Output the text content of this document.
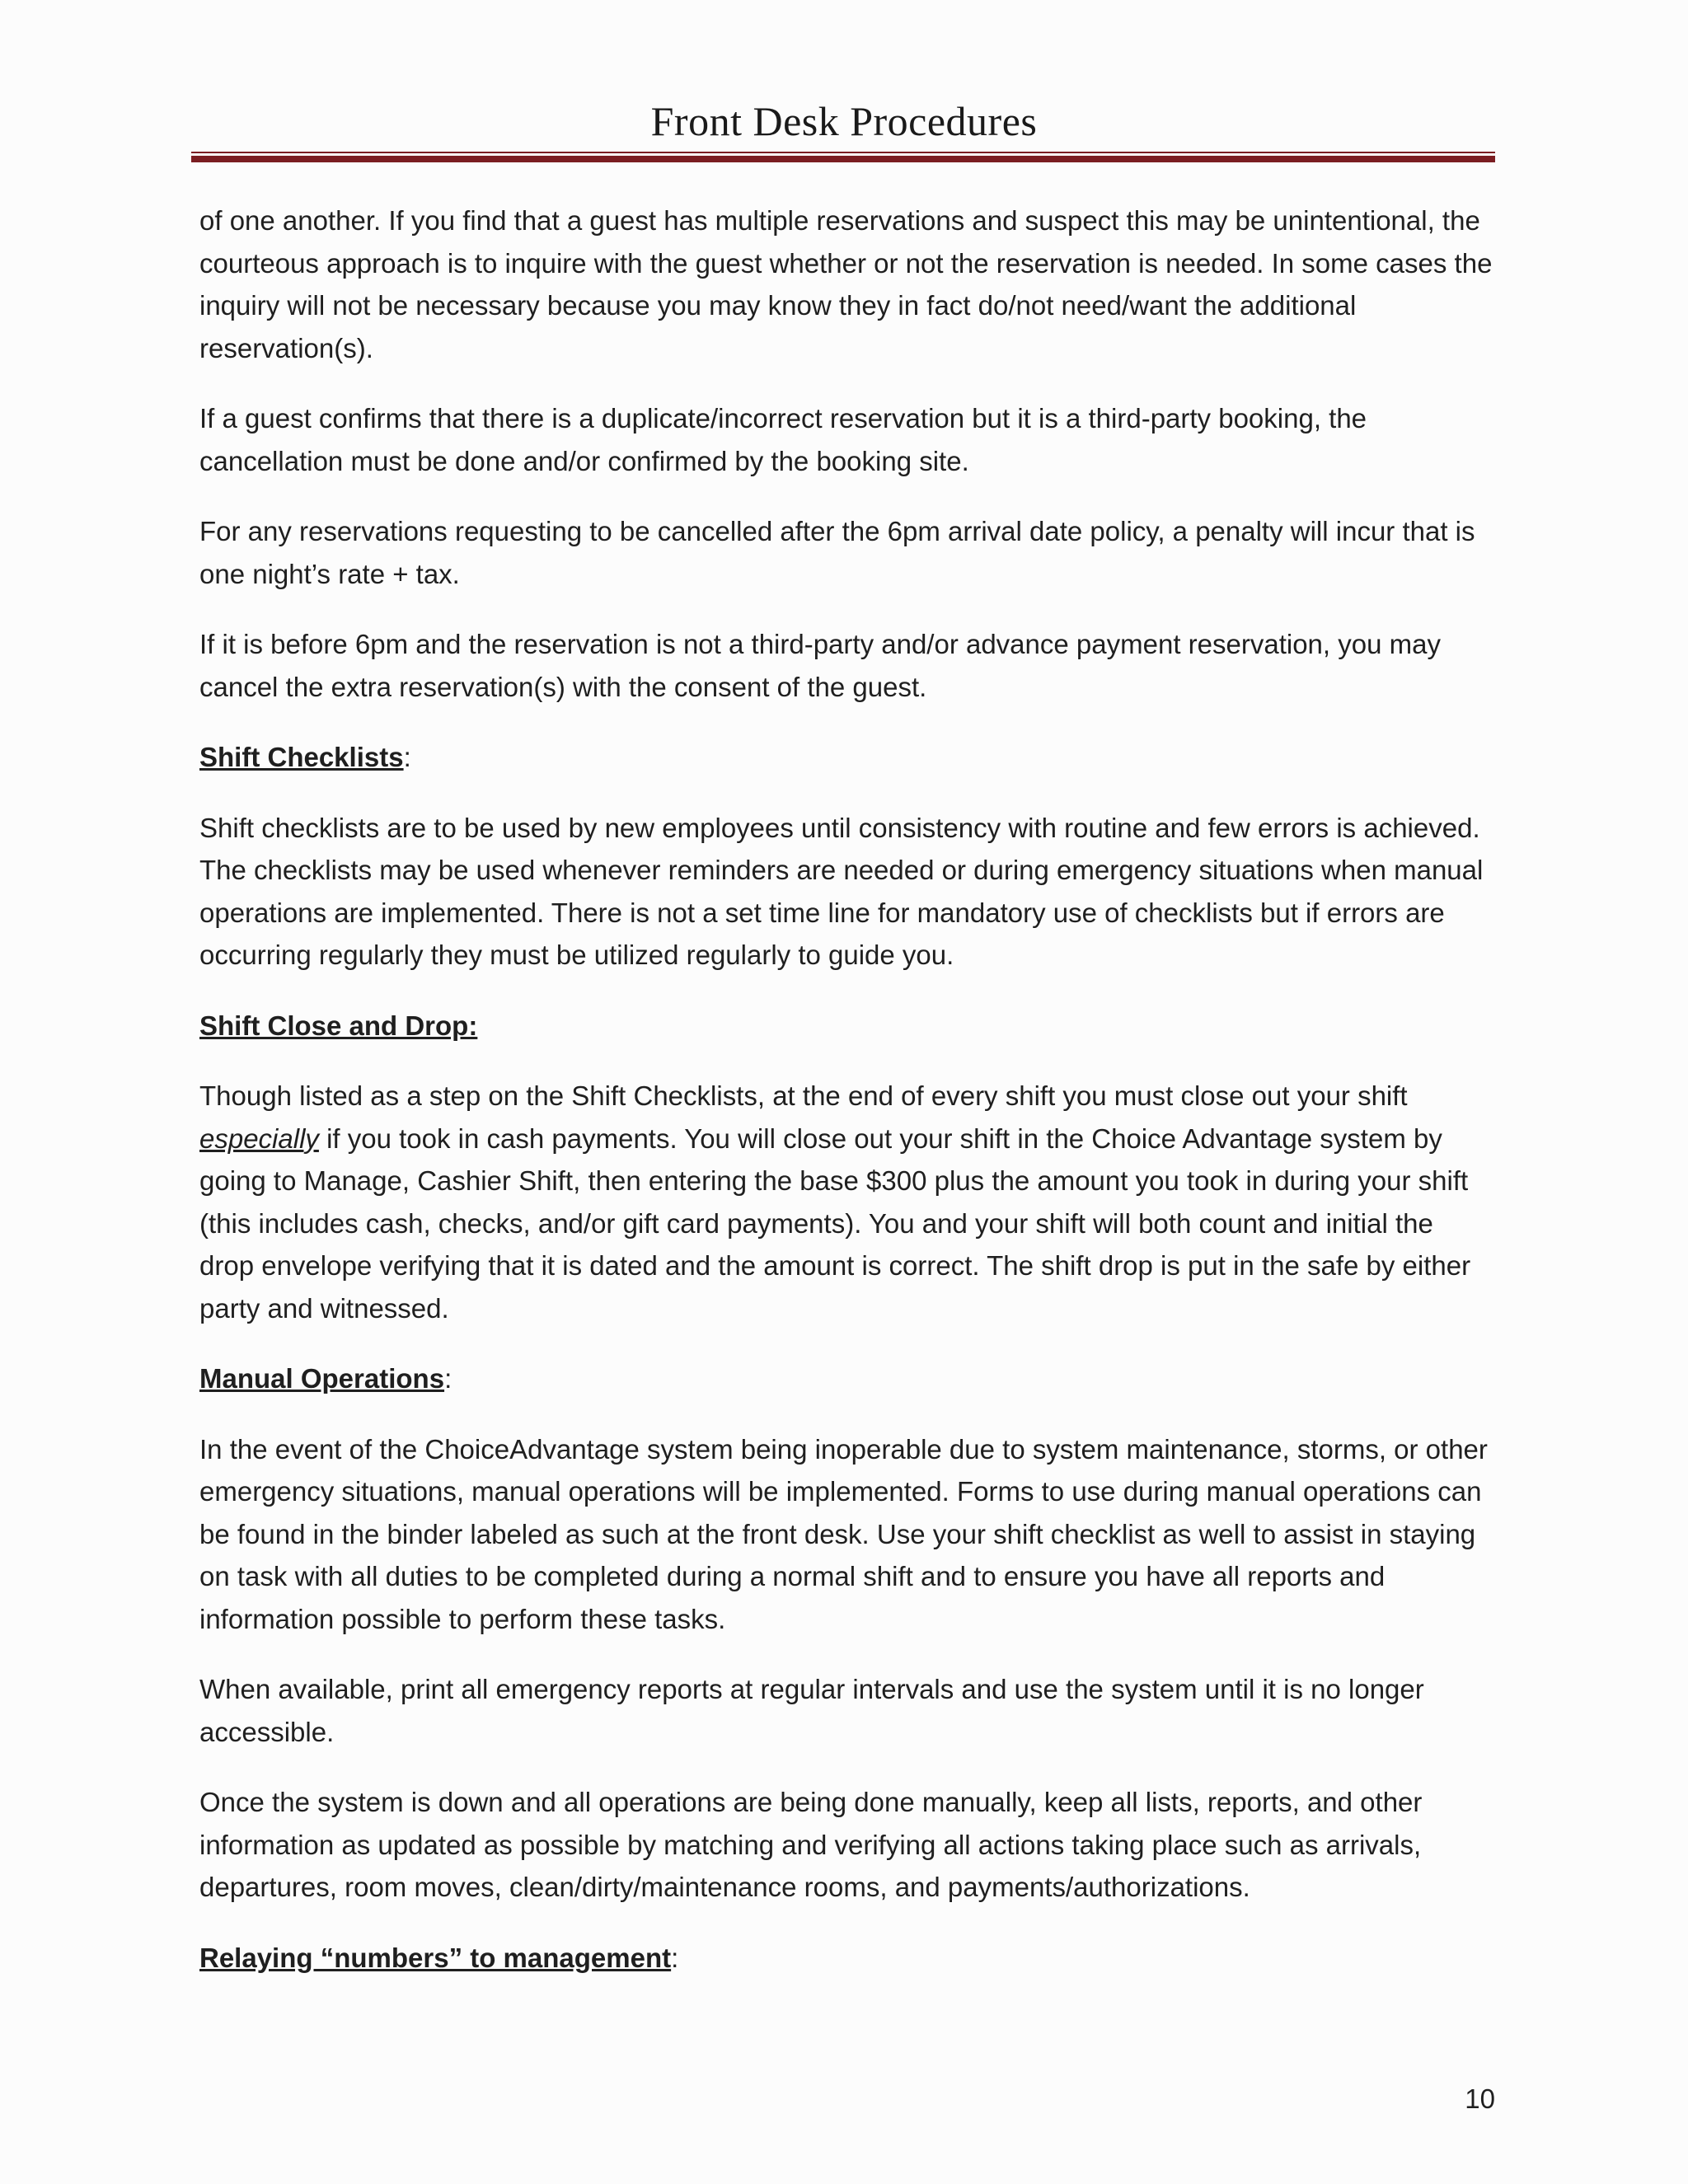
Front Desk Procedures

of one another. If you find that a guest has multiple reservations and suspect this may be unintentional, the courteous approach is to inquire with the guest whether or not the reservation is needed. In some cases the inquiry will not be necessary because you may know they in fact do/not need/want the additional reservation(s).

If a guest confirms that there is a duplicate/incorrect reservation but it is a third-party booking, the cancellation must be done and/or confirmed by the booking site.

For any reservations requesting to be cancelled after the 6pm arrival date policy, a penalty will incur that is one night’s rate + tax.

If it is before 6pm and the reservation is not a third-party and/or advance payment reservation, you may cancel the extra reservation(s) with the consent of the guest.

Shift Checklists:

Shift checklists are to be used by new employees until consistency with routine and few errors is achieved. The checklists may be used whenever reminders are needed or during emergency situations when manual operations are implemented. There is not a set time line for mandatory use of checklists but if errors are occurring regularly they must be utilized regularly to guide you.

Shift Close and Drop:

Though listed as a step on the Shift Checklists, at the end of every shift you must close out your shift especially if you took in cash payments. You will close out your shift in the Choice Advantage system by going to Manage, Cashier Shift, then entering the base $300 plus the amount you took in during your shift (this includes cash, checks, and/or gift card payments). You and your shift will both count and initial the drop envelope verifying that it is dated and the amount is correct. The shift drop is put in the safe by either party and witnessed.

Manual Operations:

In the event of the ChoiceAdvantage system being inoperable due to system maintenance, storms, or other emergency situations, manual operations will be implemented. Forms to use during manual operations can be found in the binder labeled as such at the front desk. Use your shift checklist as well to assist in staying on task with all duties to be completed during a normal shift and to ensure you have all reports and information possible to perform these tasks.

When available, print all emergency reports at regular intervals and use the system until it is no longer accessible.

Once the system is down and all operations are being done manually, keep all lists, reports, and other information as updated as possible by matching and verifying all actions taking place such as arrivals, departures, room moves, clean/dirty/maintenance rooms, and payments/authorizations.

Relaying “numbers” to management:

10
